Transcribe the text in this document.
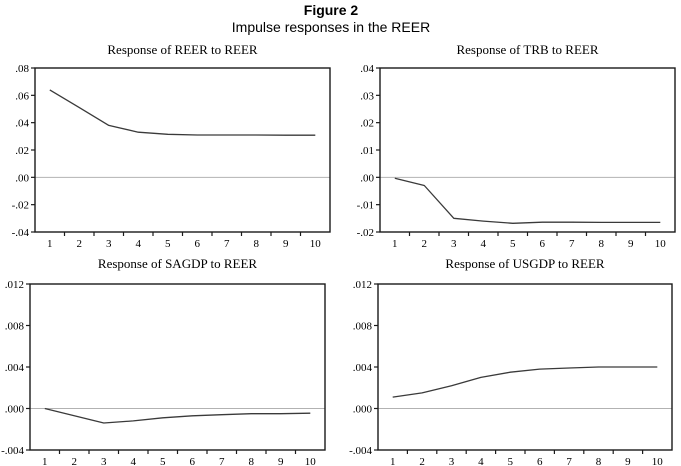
Figure 2
Impulse responses in the REER
Response of REER to REER
.08
.06
.04
.02
.00
-.02
-.04
1 2 3 4 5 6 7 8 9 10
Response of TRB to REER
.04
.03
.02
.01
.00
-.01
-.02
1 2 3 4 5 6 7 8 9 10
Response of SAGDP to REER
.012
.008
.004
.000
-.004
1 2 3 4 5 6 7 8 9 10
Response of USGDP to REER
.012
.008
.004
.000
-.004
1 2 3 4 5 6 7 8 9 10
